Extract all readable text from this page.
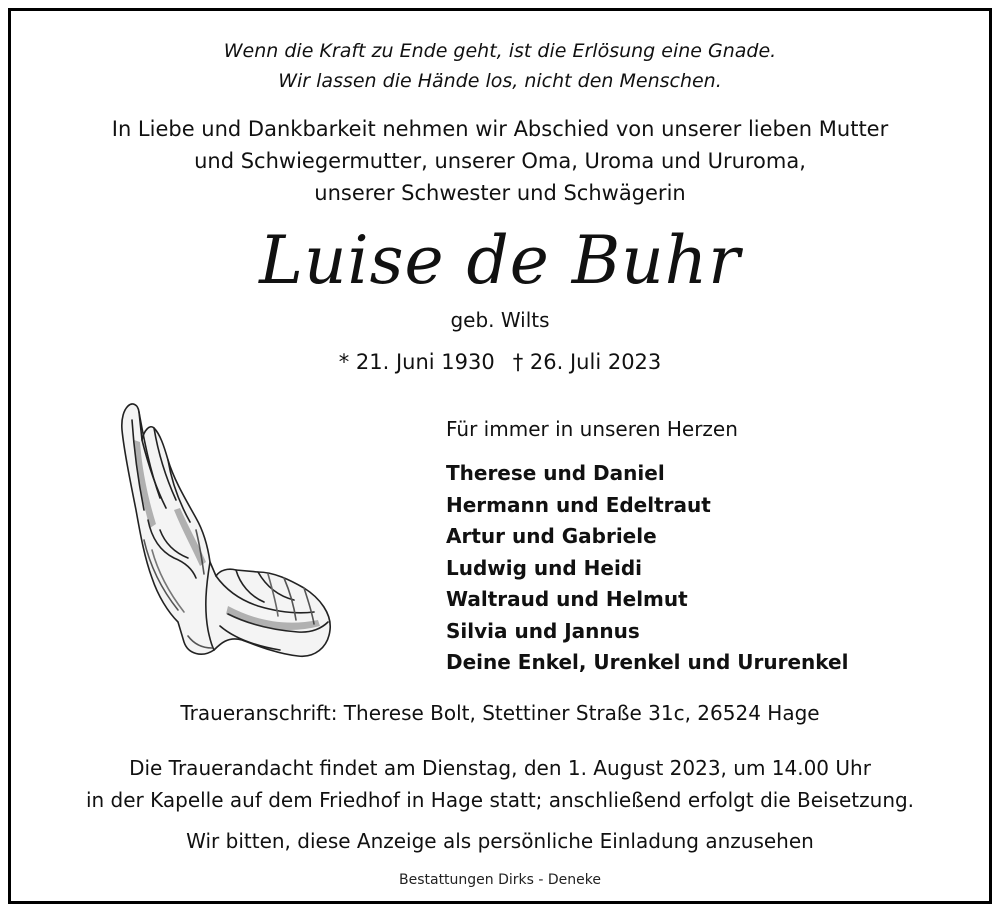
Wenn die Kraft zu Ende geht, ist die Erlösung eine Gnade.
Wir lassen die Hände los, nicht den Menschen.
In Liebe und Dankbarkeit nehmen wir Abschied von unserer lieben Mutter
und Schwiegermutter, unserer Oma, Uroma und Ururoma,
unserer Schwester und Schwägerin
Luise de Buhr
geb. Wilts
* 21. Juni 1930 † 26. Juli 2023
Für immer in unseren Herzen
Therese und Daniel
Hermann und Edeltraut
Artur und Gabriele
Ludwig und Heidi
Waltraud und Helmut
Silvia und Jannus
Deine Enkel, Urenkel und Ururenkel
Traueranschrift: Therese Bolt, Stettiner Straße 31c, 26524 Hage
Die Trauerandacht findet am Dienstag, den 1. August 2023, um 14.00 Uhr
in der Kapelle auf dem Friedhof in Hage statt; anschließend erfolgt die Beisetzung.
Wir bitten, diese Anzeige als persönliche Einladung anzusehen
Bestattungen Dirks - Deneke
